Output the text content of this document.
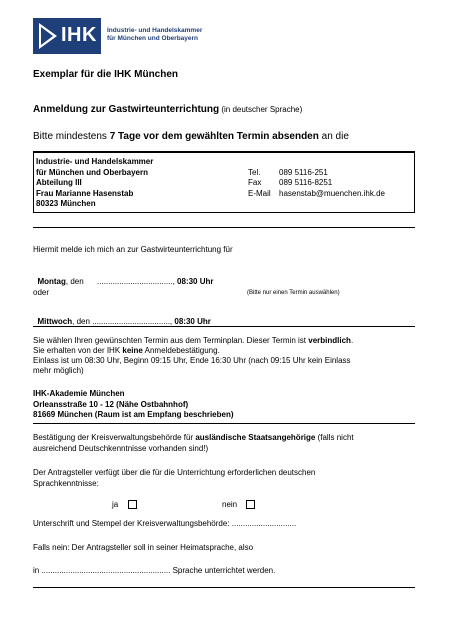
IHK Industrie- und Handelskammer
für München und Oberbayern
Exemplar für die IHK München
Anmeldung zur Gastwirteunterrichtung (in deutscher Sprache)
Bitte mindestens 7 Tage vor dem gewählten Termin absenden an die
Industrie- und Handelskammer
für München und Oberbayern
Abteilung III
Frau Marianne Hasenstab
80323 München
Tel.
Fax
E-Mail
089 5116-251
089 5116-8251
hasenstab@muenchen.ihk.de
Hiermit melde ich mich an zur Gastwirteunterrichtung für

Montag, den      .................................., 08:30 Uhr

oder	(Bitte nur einen Termin auswählen)

Mittwoch, den ..................................., 08:30 Uhr

Sie wählen Ihren gewünschten Termin aus dem Terminplan. Dieser Termin ist verbindlich.
Sie erhalten von der IHK keine Anmeldebestätigung.
Einlass ist um 08:30 Uhr, Beginn 09:15 Uhr, Ende 16:30 Uhr (nach 09:15 Uhr kein Einlass
mehr möglich)
IHK-Akademie München
Orleansstraße 10 - 12 (Nähe Ostbahnhof)
81669 München (Raum ist am Empfang beschrieben)
Bestätigung der Kreisverwaltungsbehörde für ausländische Staatsangehörige (falls nicht
ausreichend Deutschkenntnisse vorhanden sind!)
Der Antragsteller verfügt über die für die Unterrichtung erforderlichen deutschen
Sprachkenntnisse:
ja	nein
Unterschrift und Stempel der Kreisverwaltungsbehörde: .............................
Falls nein: Der Antragsteller soll in seiner Heimatsprache, also
in .......................................................... Sprache unterrichtet werden.
